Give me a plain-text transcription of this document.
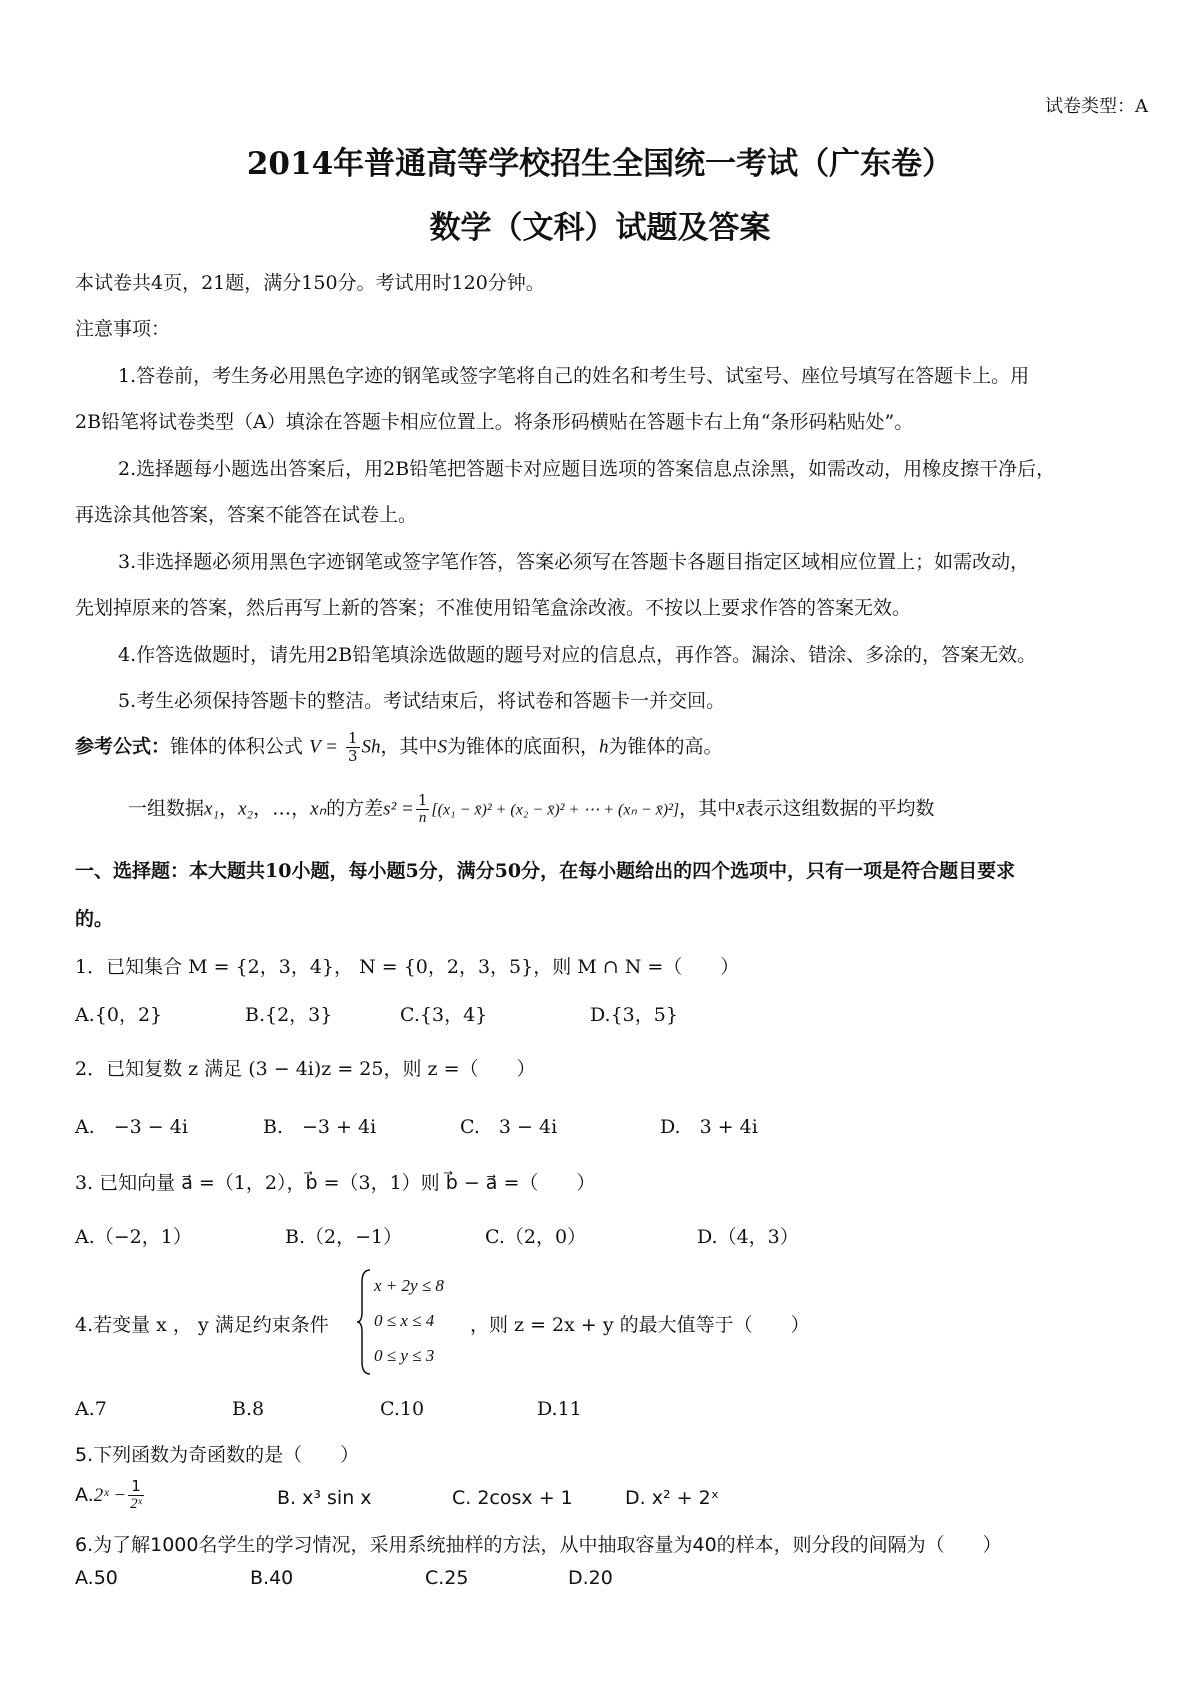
试卷类型：A
2014年普通高等学校招生全国统一考试（广东卷）
数学（文科）试题及答案
本试卷共4页，21题，满分150分。考试用时120分钟。
注意事项：
1.答卷前，考生务必用黑色字迹的钢笔或签字笔将自己的姓名和考生号、试室号、座位号填写在答题卡上。用
2B铅笔将试卷类型（A）填涂在答题卡相应位置上。将条形码横贴在答题卡右上角“条形码粘贴处”。
2.选择题每小题选出答案后，用2B铅笔把答题卡对应题目选项的答案信息点涂黑，如需改动，用橡皮擦干净后，
再选涂其他答案，答案不能答在试卷上。
3.非选择题必须用黑色字迹钢笔或签字笔作答，答案必须写在答题卡各题目指定区域相应位置上；如需改动，
先划掉原来的答案，然后再写上新的答案；不准使用铅笔盒涂改液。不按以上要求作答的答案无效。
4.作答选做题时，请先用2B铅笔填涂选做题的题号对应的信息点，再作答。漏涂、错涂、多涂的，答案无效。
5.考生必须保持答题卡的整洁。考试结束后，将试卷和答题卡一并交回。
参考公式：锥体的体积公式 $V = \frac{1}{3}$ Sh，其中S为锥体的底面积，h为锥体的高。
一组数据x₁，x₂，…，xₙ的方差$s^2 = \frac{1}{n} [(x_1$ − x̄)² + (x₂ − x̄)² + ⋯ + (xₙ − x̄)²]，其中x̄表示这组数据的平均数
一、选择题：本大题共10小题，每小题5分，满分50分，在每小题给出的四个选项中，只有一项是符合题目要求
的。
1．已知集合 M = {2，3，4}， N = {0，2，3，5}，则 M ∩ N =（　　）
A.{0，2}	B.{2，3}	C.{3，4}	D.{3，5}
2．已知复数 z 满足 (3 − 4i)z = 25，则 z =（　　）
A.　−3 − 4i	B.　−3 + 4i	C.　3 − 4i	D.　3 + 4i
3. 已知向量 a⃗ =（1，2），b⃗ =（3，1）则 b⃗ − a⃗ =（　　）
A.（−2，1）	B.（2，−1）	C.（2，0）	D.（4，3）
4.若变量 x ， y 满足约束条件
x + 2y ≤ 8
0 ≤ x ≤ 4
0 ≤ y ≤ 3
，则 z = 2x + y 的最大值等于（　　）
A.7	B.8	C.10	D.11
5.下列函数为奇函数的是（　　）
A.2ˣ − $\frac{1}{\text{2ˣ}}$	B. x³ sin x	C. 2cosx + 1	D. x² + 2ˣ
6.为了解1000名学生的学习情况，采用系统抽样的方法，从中抽取容量为40的样本，则分段的间隔为（　　）
A.50	B.40	C.25	D.20
